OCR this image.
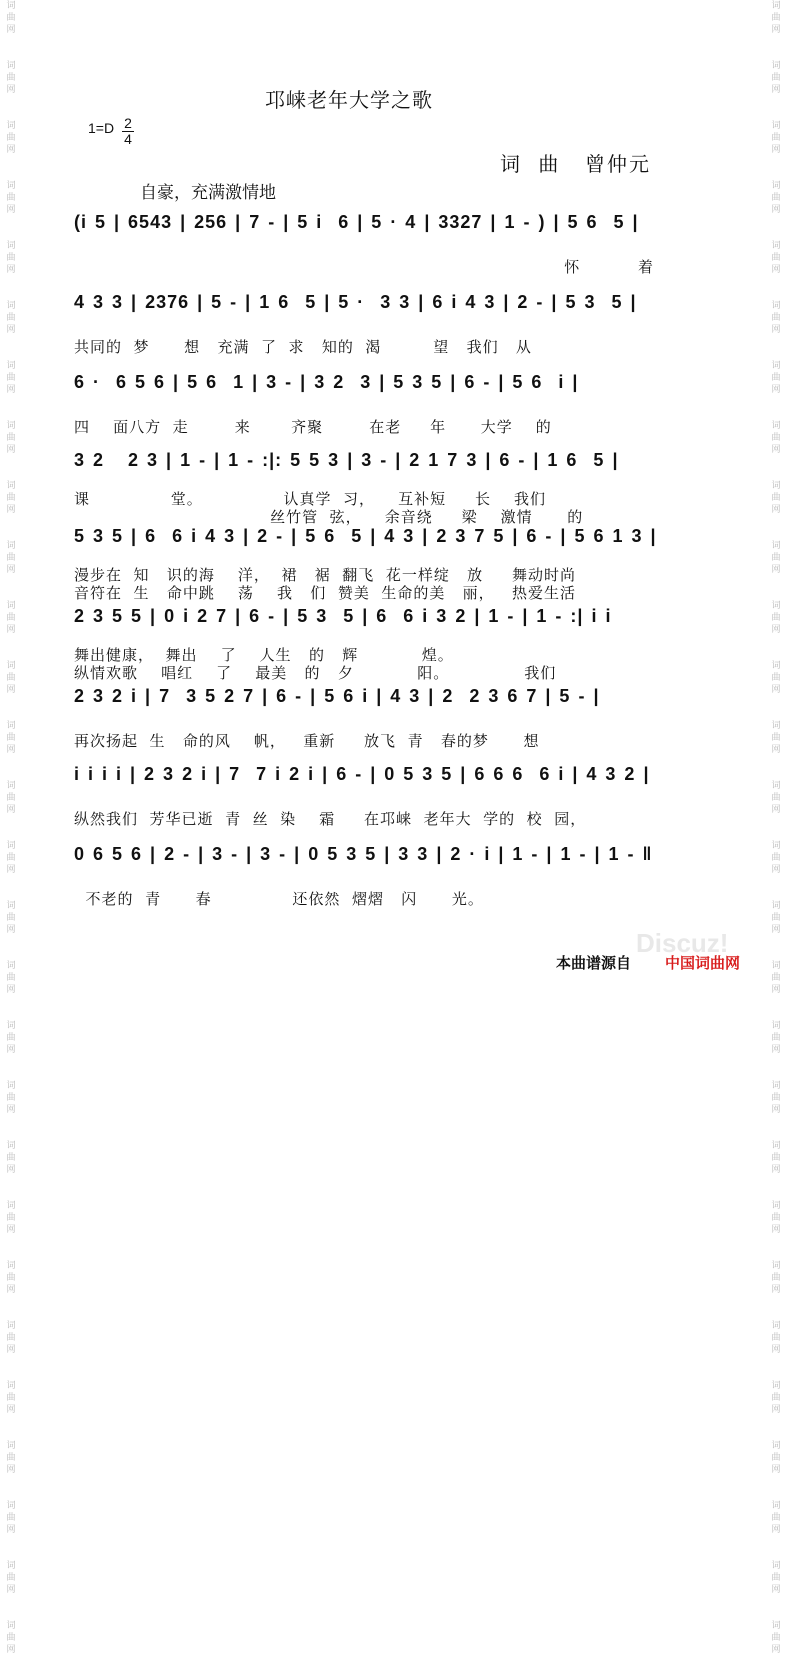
词
曲
网
词
曲
网
词
曲
网
词
曲
网
词
曲
网
词
曲
网
词
曲
网
词
曲
网
词
曲
网
词
曲
网
词
曲
网
词
曲
网
词
曲
网
词
曲
网
词
曲
网
词
曲
网
词
曲
网
词
曲
网
词
曲
网
词
曲
网
词
曲
网
词
曲
网
词
曲
网
词
曲
网
词
曲
网
词
曲
网
词
曲
网
词
曲
网
词
曲
网
词
曲
网
词
曲
网
词
曲
网
词
曲
网
词
曲
网
词
曲
网
词
曲
网
词
曲
网
词
曲
网
词
曲
网
词
曲
网
词
曲
网
词
曲
网
词
曲
网
词
曲
网
词
曲
网
词
曲
网
词
曲
网
词
曲
网
词
曲
网
词
曲
网
词
曲
网
词
曲
网
词
曲
网
词
曲
网
词
曲
网
词
曲
网
邛崃老年大学之歌
$1=D \frac{2}{4}$
词 曲 曾仲元
自豪，充满激情地
(i 5 | 6543 | 256 | 7 - | 5 i  6 | 5 · 4 | 3327 | 1 - ) | 5 6  5 |
怀          着
4 3 3 | 2376 | 5 - | 1 6  5 | 5 ·  3 3 | 6 i 4 3 | 2 - | 5 3  5 |
共同的  梦      想   充满  了  求   知的  渴         望   我们   从
6 ·  6 5 6 | 5 6  1 | 3 - | 3 2  3 | 5 3 5 | 6 - | 5 6  i |
四    面八方  走        来       齐聚        在老     年      大学    的
3 2   2 3 | 1 - | 1 - :|: 5 5 3 | 3 - | 2 1 7 3 | 6 - | 1 6  5 |
课              堂。              认真学  习，    互补短     长    我们
丝竹管  弦，    余音绕     梁    激情      的
5 3 5 | 6  6 i 4 3 | 2 - | 5 6  5 | 4 3 | 2 3 7 5 | 6 - | 5 6 1 3 |
漫步在  知   识的海    洋，  裙   裾  翻飞  花一样绽   放     舞动时尚
音符在  生   命中跳    荡    我   们  赞美  生命的美   丽，   热爱生活
2 3 5 5 | 0 i 2 7 | 6 - | 5 3  5 | 6  6 i 3 2 | 1 - | 1 - :| i i
舞出健康，  舞出    了    人生   的   辉           煌。
纵情欢歌    唱红    了    最美   的   夕           阳。             我们
2 3 2 i | 7  3 5 2 7 | 6 - | 5 6 i | 4 3 | 2  2 3 6 7 | 5 - |
再次扬起  生   命的风    帆，   重新     放飞  青   春的梦      想
i i i i | 2 3 2 i | 7  7 i 2 i | 6 - | 0 5 3 5 | 6 6 6  6 i | 4 3 2 |
纵然我们  芳华已逝  青  丝  染    霜     在邛崃  老年大  学的  校  园，
0 6 5 6 | 2 - | 3 - | 3 - | 0 5 3 5 | 3 3 | 2 · i | 1 - | 1 - | 1 - ‖
不老的  青      春              还依然  熠熠   闪      光。
Discuz!
本曲谱源自 中国词曲网
